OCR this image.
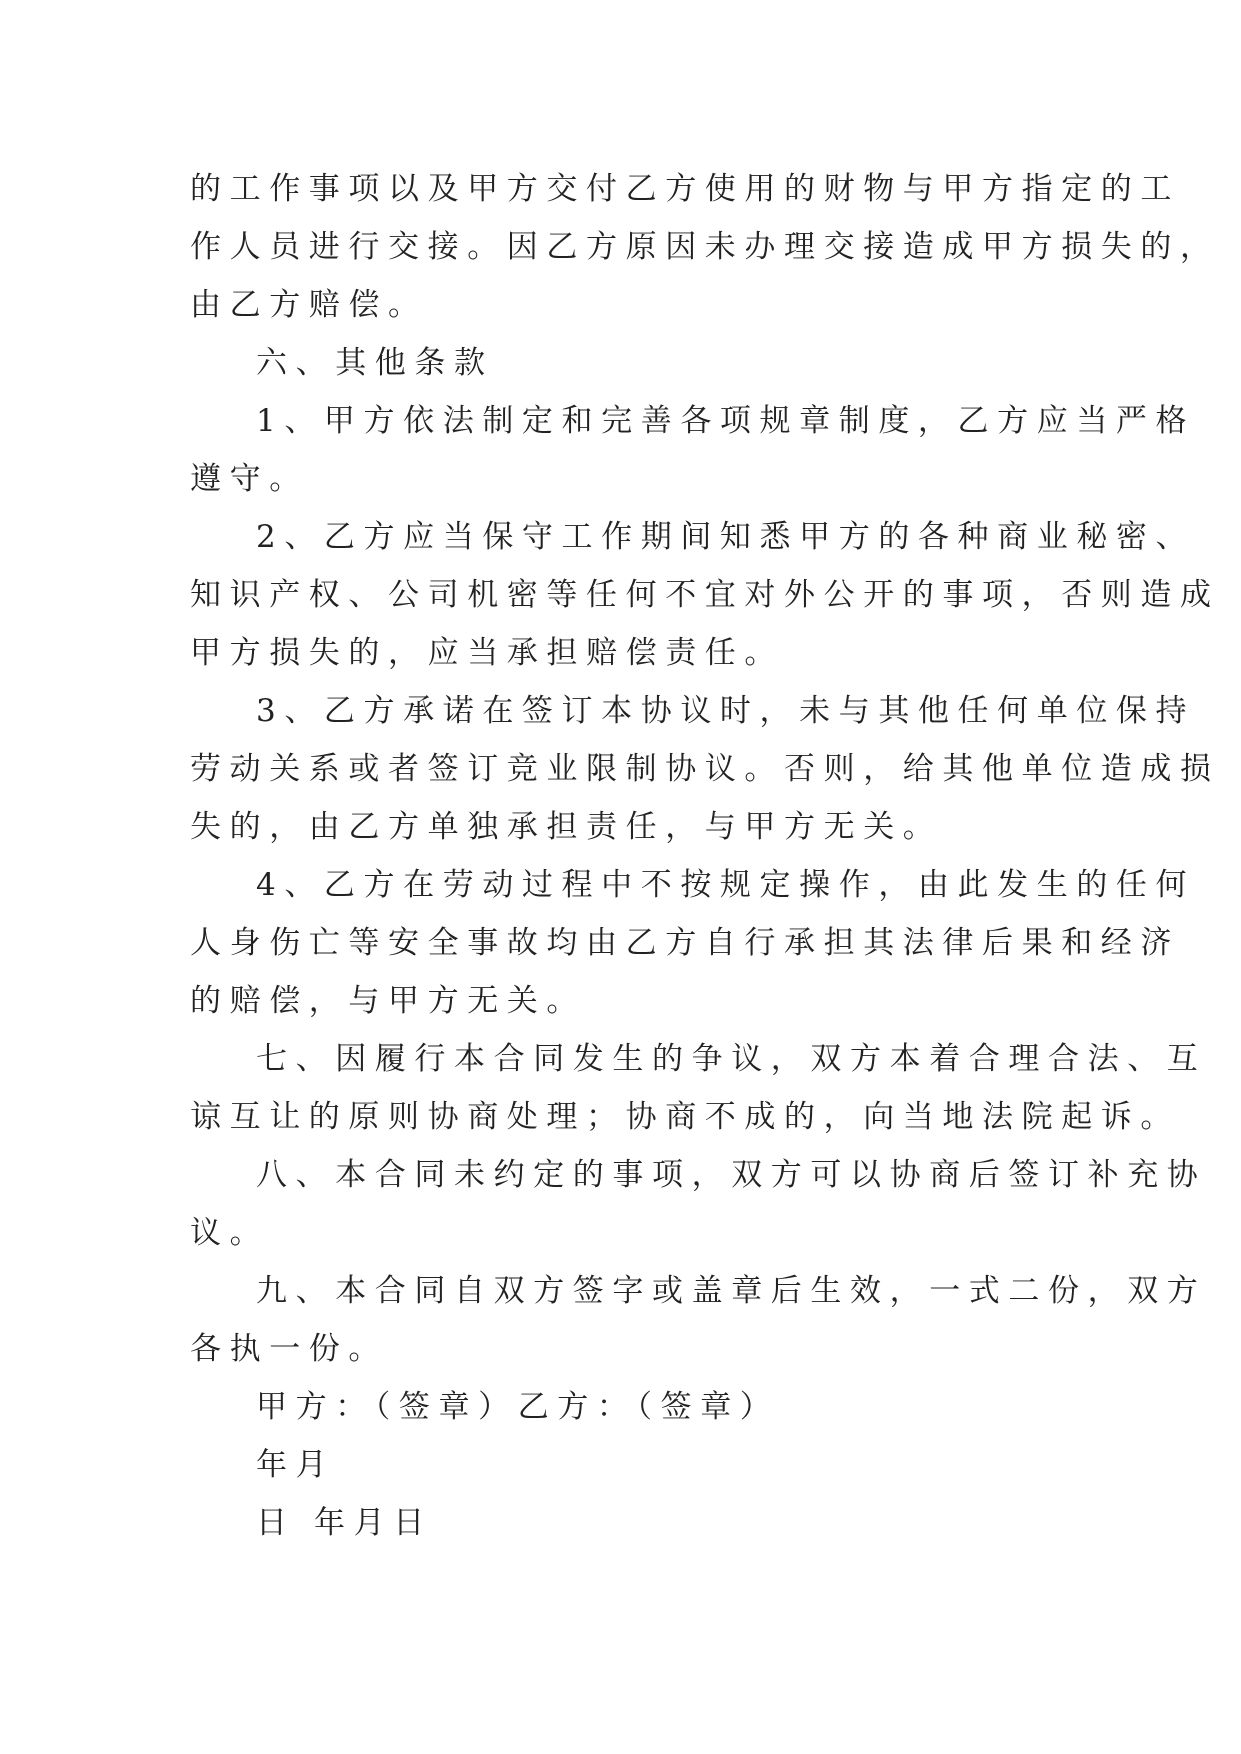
的工作事项以及甲方交付乙方使用的财物与甲方指定的工
作人员进行交接。因乙方原因未办理交接造成甲方损失的，
由乙方赔偿。
六、其他条款
1、甲方依法制定和完善各项规章制度，乙方应当严格
遵守。
2、乙方应当保守工作期间知悉甲方的各种商业秘密、
知识产权、公司机密等任何不宜对外公开的事项，否则造成
甲方损失的，应当承担赔偿责任。
3、乙方承诺在签订本协议时，未与其他任何单位保持
劳动关系或者签订竞业限制协议。否则，给其他单位造成损
失的，由乙方单独承担责任，与甲方无关。
4、乙方在劳动过程中不按规定操作，由此发生的任何
人身伤亡等安全事故均由乙方自行承担其法律后果和经济
的赔偿，与甲方无关。
七、因履行本合同发生的争议，双方本着合理合法、互
谅互让的原则协商处理；协商不成的，向当地法院起诉。
八、本合同未约定的事项，双方可以协商后签订补充协
议。
九、本合同自双方签字或盖章后生效，一式二份，双方
各执一份。
甲方：（签章）乙方：（签章）
年月
日 年月日
